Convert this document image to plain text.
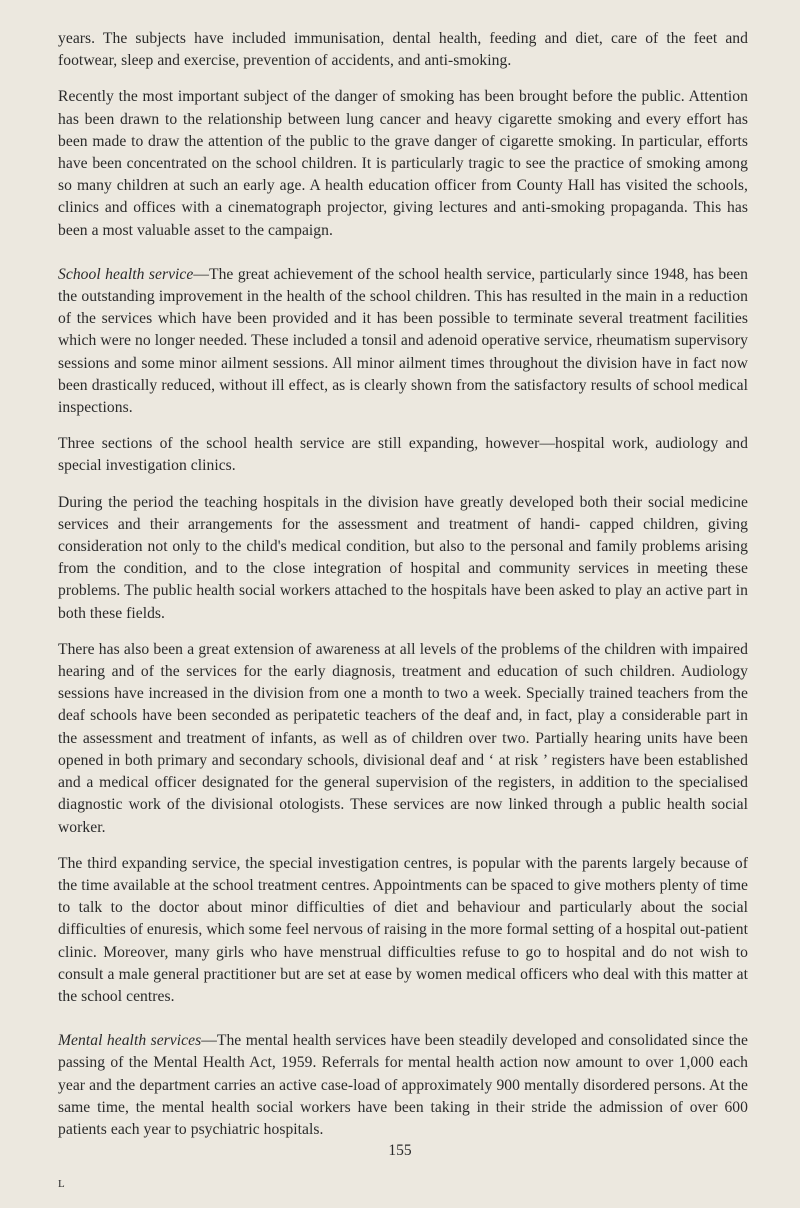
years. The subjects have included immunisation, dental health, feeding and diet, care of the feet and footwear, sleep and exercise, prevention of accidents, and anti-smoking.

Recently the most important subject of the danger of smoking has been brought before the public. Attention has been drawn to the relationship between lung cancer and heavy cigarette smoking and every effort has been made to draw the attention of the public to the grave danger of cigarette smoking. In particular, efforts have been concentrated on the school children. It is particularly tragic to see the practice of smoking among so many children at such an early age. A health education officer from County Hall has visited the schools, clinics and offices with a cinematograph projector, giving lectures and anti-smoking propaganda. This has been a most valuable asset to the campaign.

School health service—The great achievement of the school health service, particularly since 1948, has been the outstanding improvement in the health of the school children. This has resulted in the main in a reduction of the services which have been provided and it has been possible to terminate several treatment facilities which were no longer needed. These included a tonsil and adenoid operative service, rheumatism supervisory sessions and some minor ailment sessions. All minor ailment times throughout the division have in fact now been drastically reduced, without ill effect, as is clearly shown from the satisfactory results of school medical inspections.

Three sections of the school health service are still expanding, however—hospital work, audiology and special investigation clinics.

During the period the teaching hospitals in the division have greatly developed both their social medicine services and their arrangements for the assessment and treatment of handi- capped children, giving consideration not only to the child's medical condition, but also to the personal and family problems arising from the condition, and to the close integration of hospital and community services in meeting these problems. The public health social workers attached to the hospitals have been asked to play an active part in both these fields.

There has also been a great extension of awareness at all levels of the problems of the children with impaired hearing and of the services for the early diagnosis, treatment and education of such children. Audiology sessions have increased in the division from one a month to two a week. Specially trained teachers from the deaf schools have been seconded as peripatetic teachers of the deaf and, in fact, play a considerable part in the assessment and treatment of infants, as well as of children over two. Partially hearing units have been opened in both primary and secondary schools, divisional deaf and ‘ at risk ’ registers have been established and a medical officer designated for the general supervision of the registers, in addition to the specialised diagnostic work of the divisional otologists. These services are now linked through a public health social worker.

The third expanding service, the special investigation centres, is popular with the parents largely because of the time available at the school treatment centres. Appointments can be spaced to give mothers plenty of time to talk to the doctor about minor difficulties of diet and behaviour and particularly about the social difficulties of enuresis, which some feel nervous of raising in the more formal setting of a hospital out-patient clinic. Moreover, many girls who have menstrual difficulties refuse to go to hospital and do not wish to consult a male general practitioner but are set at ease by women medical officers who deal with this matter at the school centres.

Mental health services—The mental health services have been steadily developed and consolidated since the passing of the Mental Health Act, 1959. Referrals for mental health action now amount to over 1,000 each year and the department carries an active case-load of approximately 900 mentally disordered persons. At the same time, the mental health social workers have been taking in their stride the admission of over 600 patients each year to psychiatric hospitals.

155
L
